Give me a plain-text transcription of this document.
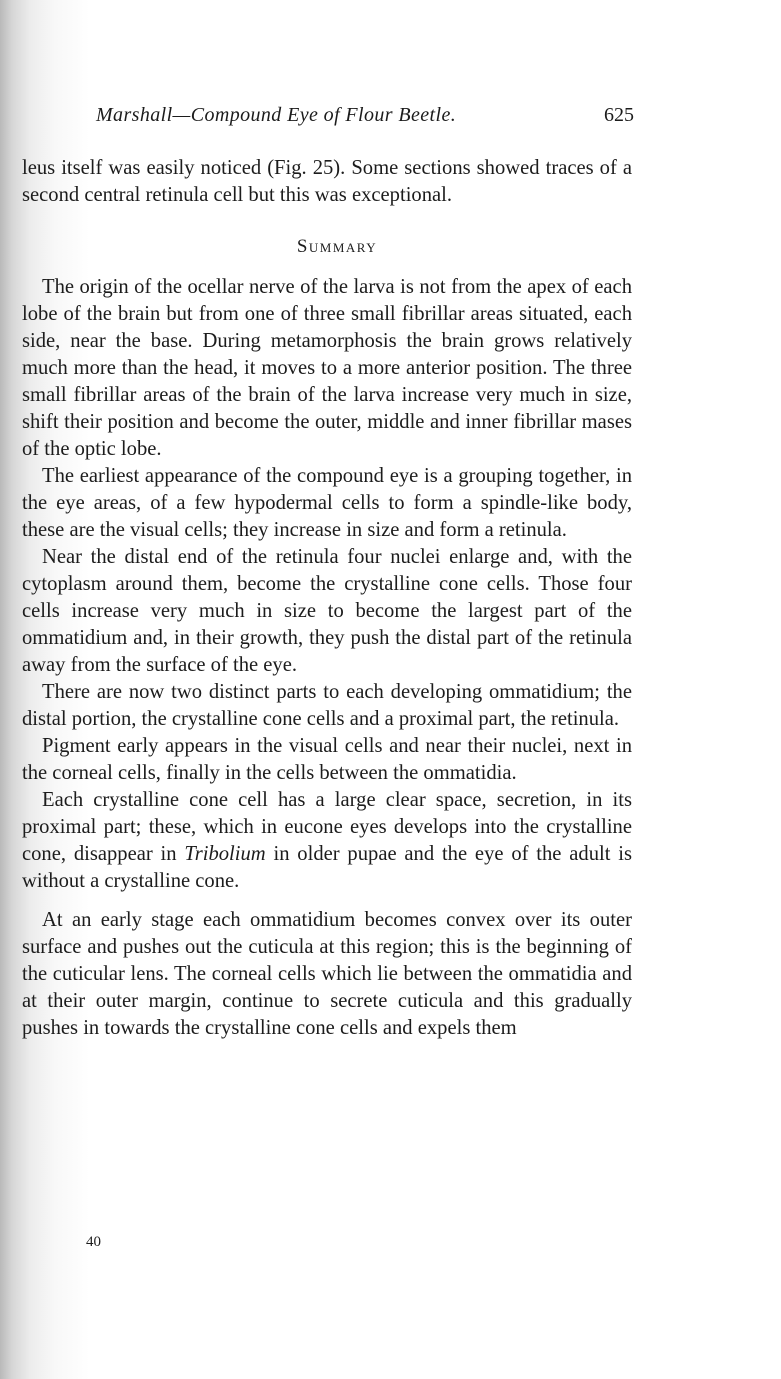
Marshall—Compound Eye of Flour Beetle.	625

leus itself was easily noticed (Fig. 25). Some sections showed traces of a second central retinula cell but this was exceptional.

Summary

The origin of the ocellar nerve of the larva is not from the apex of each lobe of the brain but from one of three small fibrillar areas situated, each side, near the base. During metamorphosis the brain grows relatively much more than the head, it moves to a more anterior position. The three small fibrillar areas of the brain of the larva increase very much in size, shift their position and become the outer, middle and inner fibrillar mases of the optic lobe.

The earliest appearance of the compound eye is a grouping together, in the eye areas, of a few hypodermal cells to form a spindle-like body, these are the visual cells; they increase in size and form a retinula.

Near the distal end of the retinula four nuclei enlarge and, with the cytoplasm around them, become the crystalline cone cells. Those four cells increase very much in size to become the largest part of the ommatidium and, in their growth, they push the distal part of the retinula away from the surface of the eye.

There are now two distinct parts to each developing ommatidium; the distal portion, the crystalline cone cells and a proximal part, the retinula.

Pigment early appears in the visual cells and near their nuclei, next in the corneal cells, finally in the cells between the ommatidia.

Each crystalline cone cell has a large clear space, secretion, in its proximal part; these, which in eucone eyes develops into the crystalline cone, disappear in Tribolium in older pupae and the eye of the adult is without a crystalline cone.

At an early stage each ommatidium becomes convex over its outer surface and pushes out the cuticula at this region; this is the beginning of the cuticular lens. The corneal cells which lie between the ommatidia and at their outer margin, continue to secrete cuticula and this gradually pushes in towards the crystalline cone cells and expels them

40
